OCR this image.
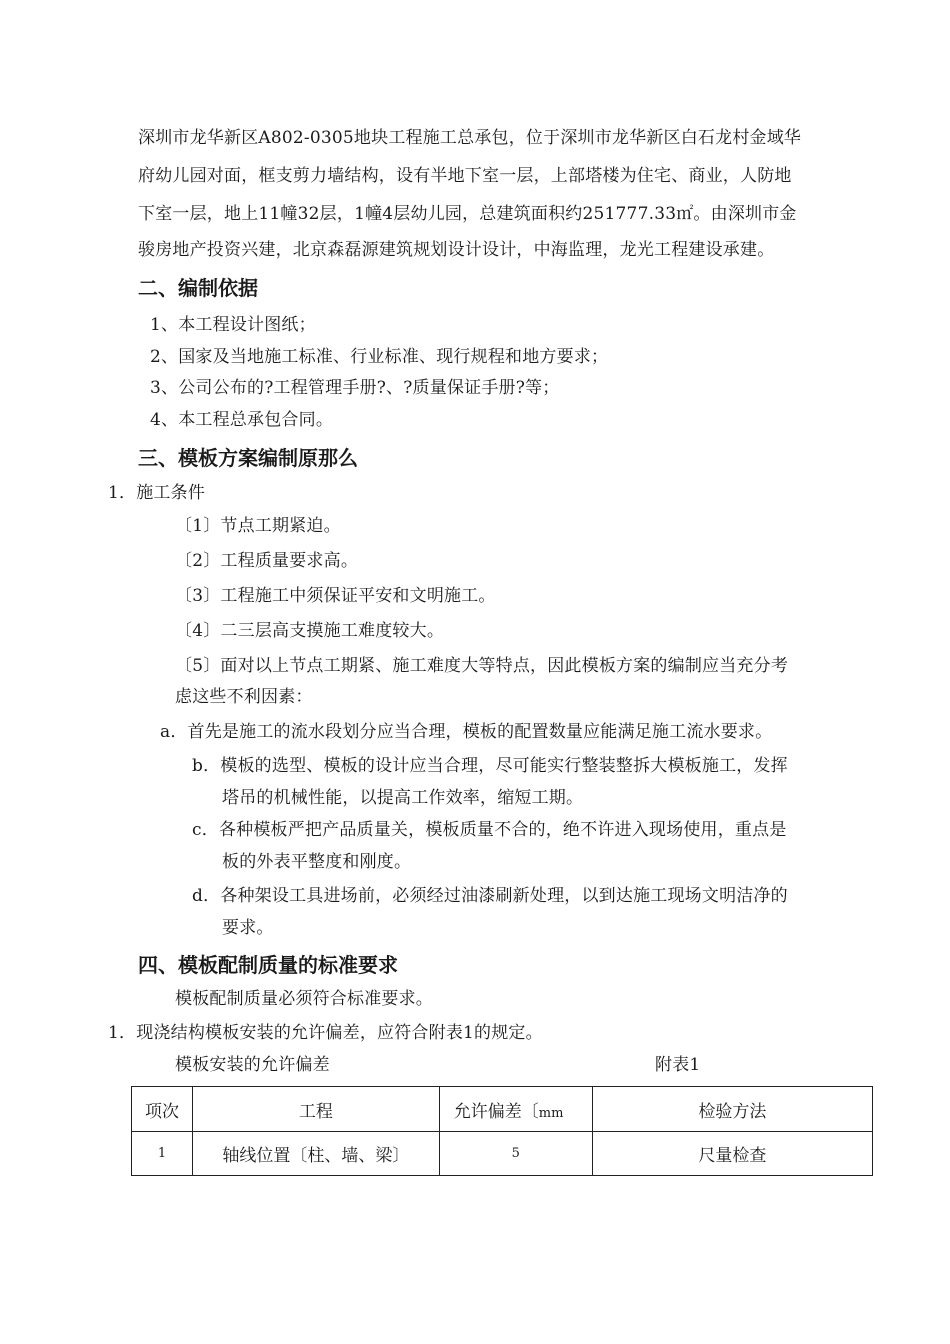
深圳市龙华新区A802-0305地块工程施工总承包，位于深圳市龙华新区白石龙村金域华
府幼儿园对面，框支剪力墙结构，设有半地下室一层，上部塔楼为住宅、商业，人防地
下室一层，地上11幢32层，1幢4层幼儿园，总建筑面积约251777.33㎡。由深圳市金
骏房地产投资兴建，北京森磊源建筑规划设计设计，中海监理，龙光工程建设承建。
二、编制依据
1、本工程设计图纸；
2、国家及当地施工标准、行业标准、现行规程和地方要求；
3、公司公布的?工程管理手册?、?质量保证手册?等；
4、本工程总承包合同。
三、模板方案编制原那么
1．施工条件
〔1〕节点工期紧迫。
〔2〕工程质量要求高。
〔3〕工程施工中须保证平安和文明施工。
〔4〕二三层高支摸施工难度较大。
〔5〕面对以上节点工期紧、施工难度大等特点，因此模板方案的编制应当充分考
虑这些不利因素：
a．首先是施工的流水段划分应当合理，模板的配置数量应能满足施工流水要求。
b．模板的选型、模板的设计应当合理，尽可能实行整装整拆大模板施工，发挥
塔吊的机械性能，以提高工作效率，缩短工期。
c．各种模板严把产品质量关，模板质量不合的，绝不许进入现场使用，重点是
板的外表平整度和刚度。
d．各种架设工具进场前，必须经过油漆刷新处理，以到达施工现场文明洁净的
要求。
四、模板配制质量的标准要求
模板配制质量必须符合标准要求。
1．现浇结构模板安装的允许偏差，应符合附表1的规定。
模板安装的允许偏差	附表1
项次	工程	允许偏差〔mm	检验方法
1	轴线位置〔柱、墙、梁〕	5	尺量检查
